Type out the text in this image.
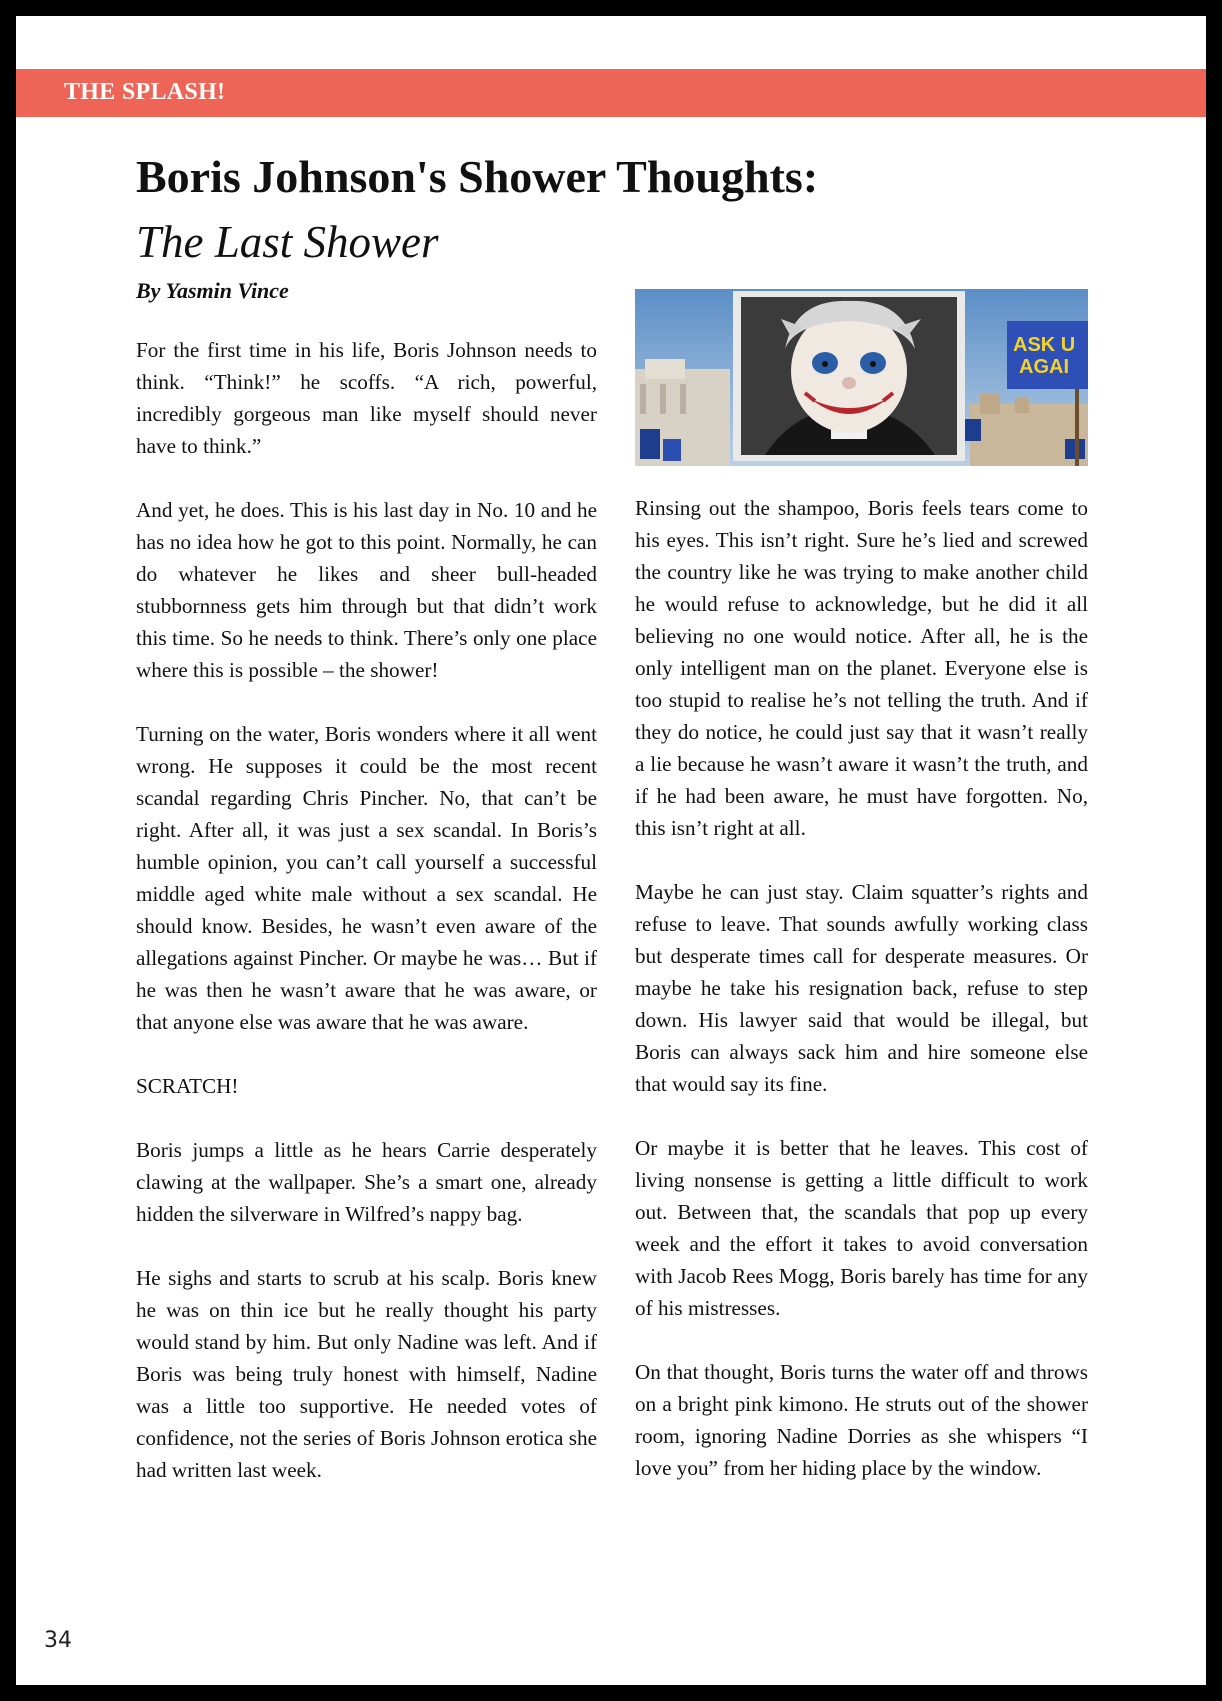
THE SPLASH!
Boris Johnson's Shower Thoughts:
The Last Shower
By Yasmin Vince

For the first time in his life, Boris Johnson needs to think. “Think!” he scoffs. “A rich, powerful, incredibly gorgeous man like myself should never have to think.”

And yet, he does. This is his last day in No. 10 and he has no idea how he got to this point. Normally, he can do whatever he likes and sheer bull-headed stubbornness gets him through but that didn’t work this time. So he needs to think. There’s only one place where this is possible – the shower!

Turning on the water, Boris wonders where it all went wrong. He supposes it could be the most recent scandal regarding Chris Pincher. No, that can’t be right. After all, it was just a sex scandal. In Boris’s humble opinion, you can’t call yourself a successful middle aged white male without a sex scandal. He should know. Besides, he wasn’t even aware of the allegations against Pincher. Or maybe he was… But if he was then he wasn’t aware that he was aware, or that anyone else was aware that he was aware.

SCRATCH!

Boris jumps a little as he hears Carrie desperately clawing at the wallpaper. She’s a smart one, already hidden the silverware in Wilfred’s nappy bag.

He sighs and starts to scrub at his scalp. Boris knew he was on thin ice but he really thought his party would stand by him. But only Nadine was left. And if Boris was being truly honest with himself, Nadine was a little too supportive. He needed votes of confidence, not the series of Boris Johnson erotica she had written last week.

ASK U
AGAI

Rinsing out the shampoo, Boris feels tears come to his eyes. This isn’t right. Sure he’s lied and screwed the country like he was trying to make another child he would refuse to acknowledge, but he did it all believing no one would notice. After all, he is the only intelligent man on the planet. Everyone else is too stupid to realise he’s not telling the truth. And if they do notice, he could just say that it wasn’t really a lie because he wasn’t aware it wasn’t the truth, and if he had been aware, he must have forgotten. No, this isn’t right at all.

Maybe he can just stay. Claim squatter’s rights and refuse to leave. That sounds awfully working class but desperate times call for desperate measures. Or maybe he take his resignation back, refuse to step down. His lawyer said that would be illegal, but Boris can always sack him and hire someone else that would say its fine.

Or maybe it is better that he leaves. This cost of living nonsense is getting a little difficult to work out. Between that, the scandals that pop up every week and the effort it takes to avoid conversation with Jacob Rees Mogg, Boris barely has time for any of his mistresses.

On that thought, Boris turns the water off and throws on a bright pink kimono. He struts out of the shower room, ignoring Nadine Dorries as she whispers “I love you” from her hiding place by the window.

34
